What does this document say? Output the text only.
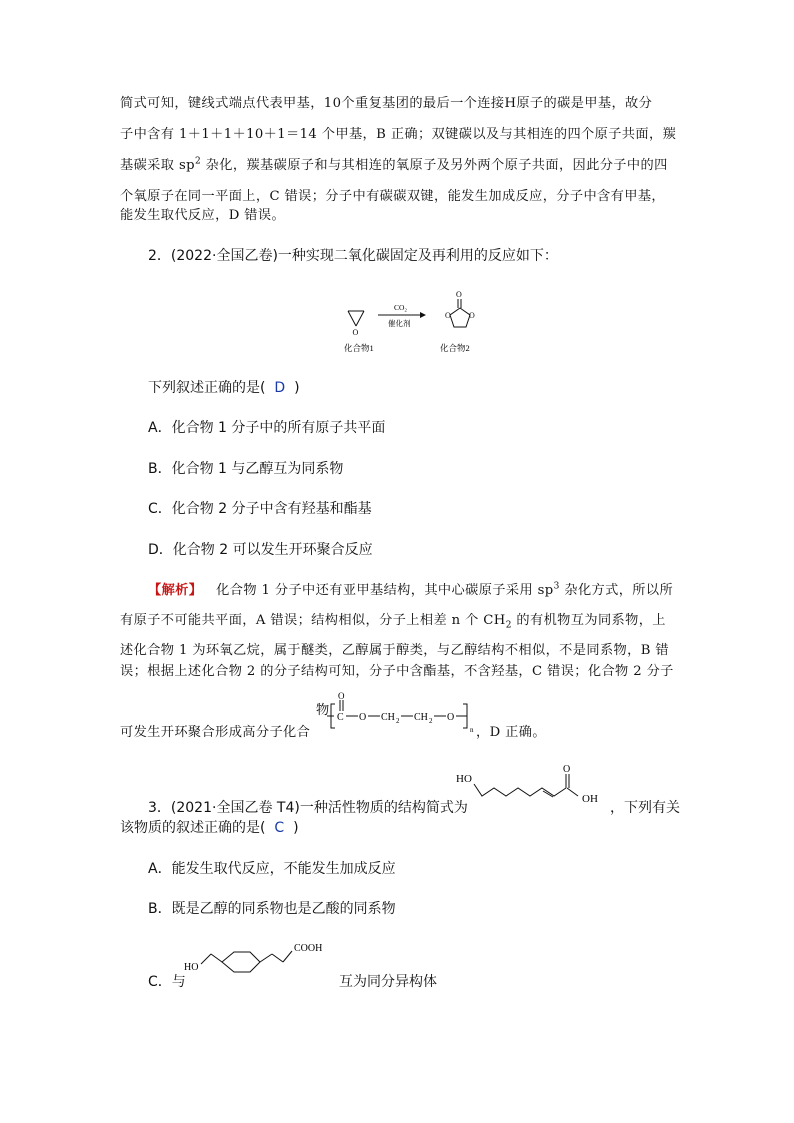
简式可知，键线式端点代表甲基，10个重复基团的最后一个连接H原子的碳是甲基，故分
子中含有 1＋1＋1＋10＋1＝14 个甲基，B 正确；双键碳以及与其相连的四个原子共面，羰
基碳采取 $sp^2$ 杂化，羰基碳原子和与其相连的氧原子及另外两个原子共面，因此分子中的四
个氧原子在同一平面上，C 错误；分子中有碳碳双键，能发生加成反应，分子中含有甲基，
能发生取代反应，D 错误。
2．(2022·全国乙卷)一种实现二氧化碳固定及再利用的反应如下：
O
CO₂
催化剂
O
O O
化合物1	化合物2
下列叙述正确的是( D )
A．化合物 1 分子中的所有原子共平面
B．化合物 1 与乙醇互为同系物
C．化合物 2 分子中含有羟基和酯基
D．化合物 2 可以发生开环聚合反应
【解析】 化合物 1 分子中还有亚甲基结构，其中心碳原子采用 $sp^3$ 杂化方式，所以所
有原子不可能共平面，A 错误；结构相似，分子上相差 n 个 $CH_2$ 的有机物互为同系物，上
述化合物 1 为环氧乙烷，属于醚类，乙醇属于醇类，与乙醇结构不相似，不是同系物，B 错
误；根据上述化合物 2 的分子结构可知，分子中含酯基，不含羟基，C 错误；化合物 2 分子
可发生开环聚合形成高分子化合
物
O
C O CH 2 CH 2 O
n ，D 正确。
3．(2021·全国乙卷 T4)一种活性物质的结构简式为
HO
O
OH
，下列有关
该物质的叙述正确的是( C )
A．能发生取代反应，不能发生加成反应
B．既是乙醇的同系物也是乙酸的同系物
C．与
HO
COOH
互为同分异构体
